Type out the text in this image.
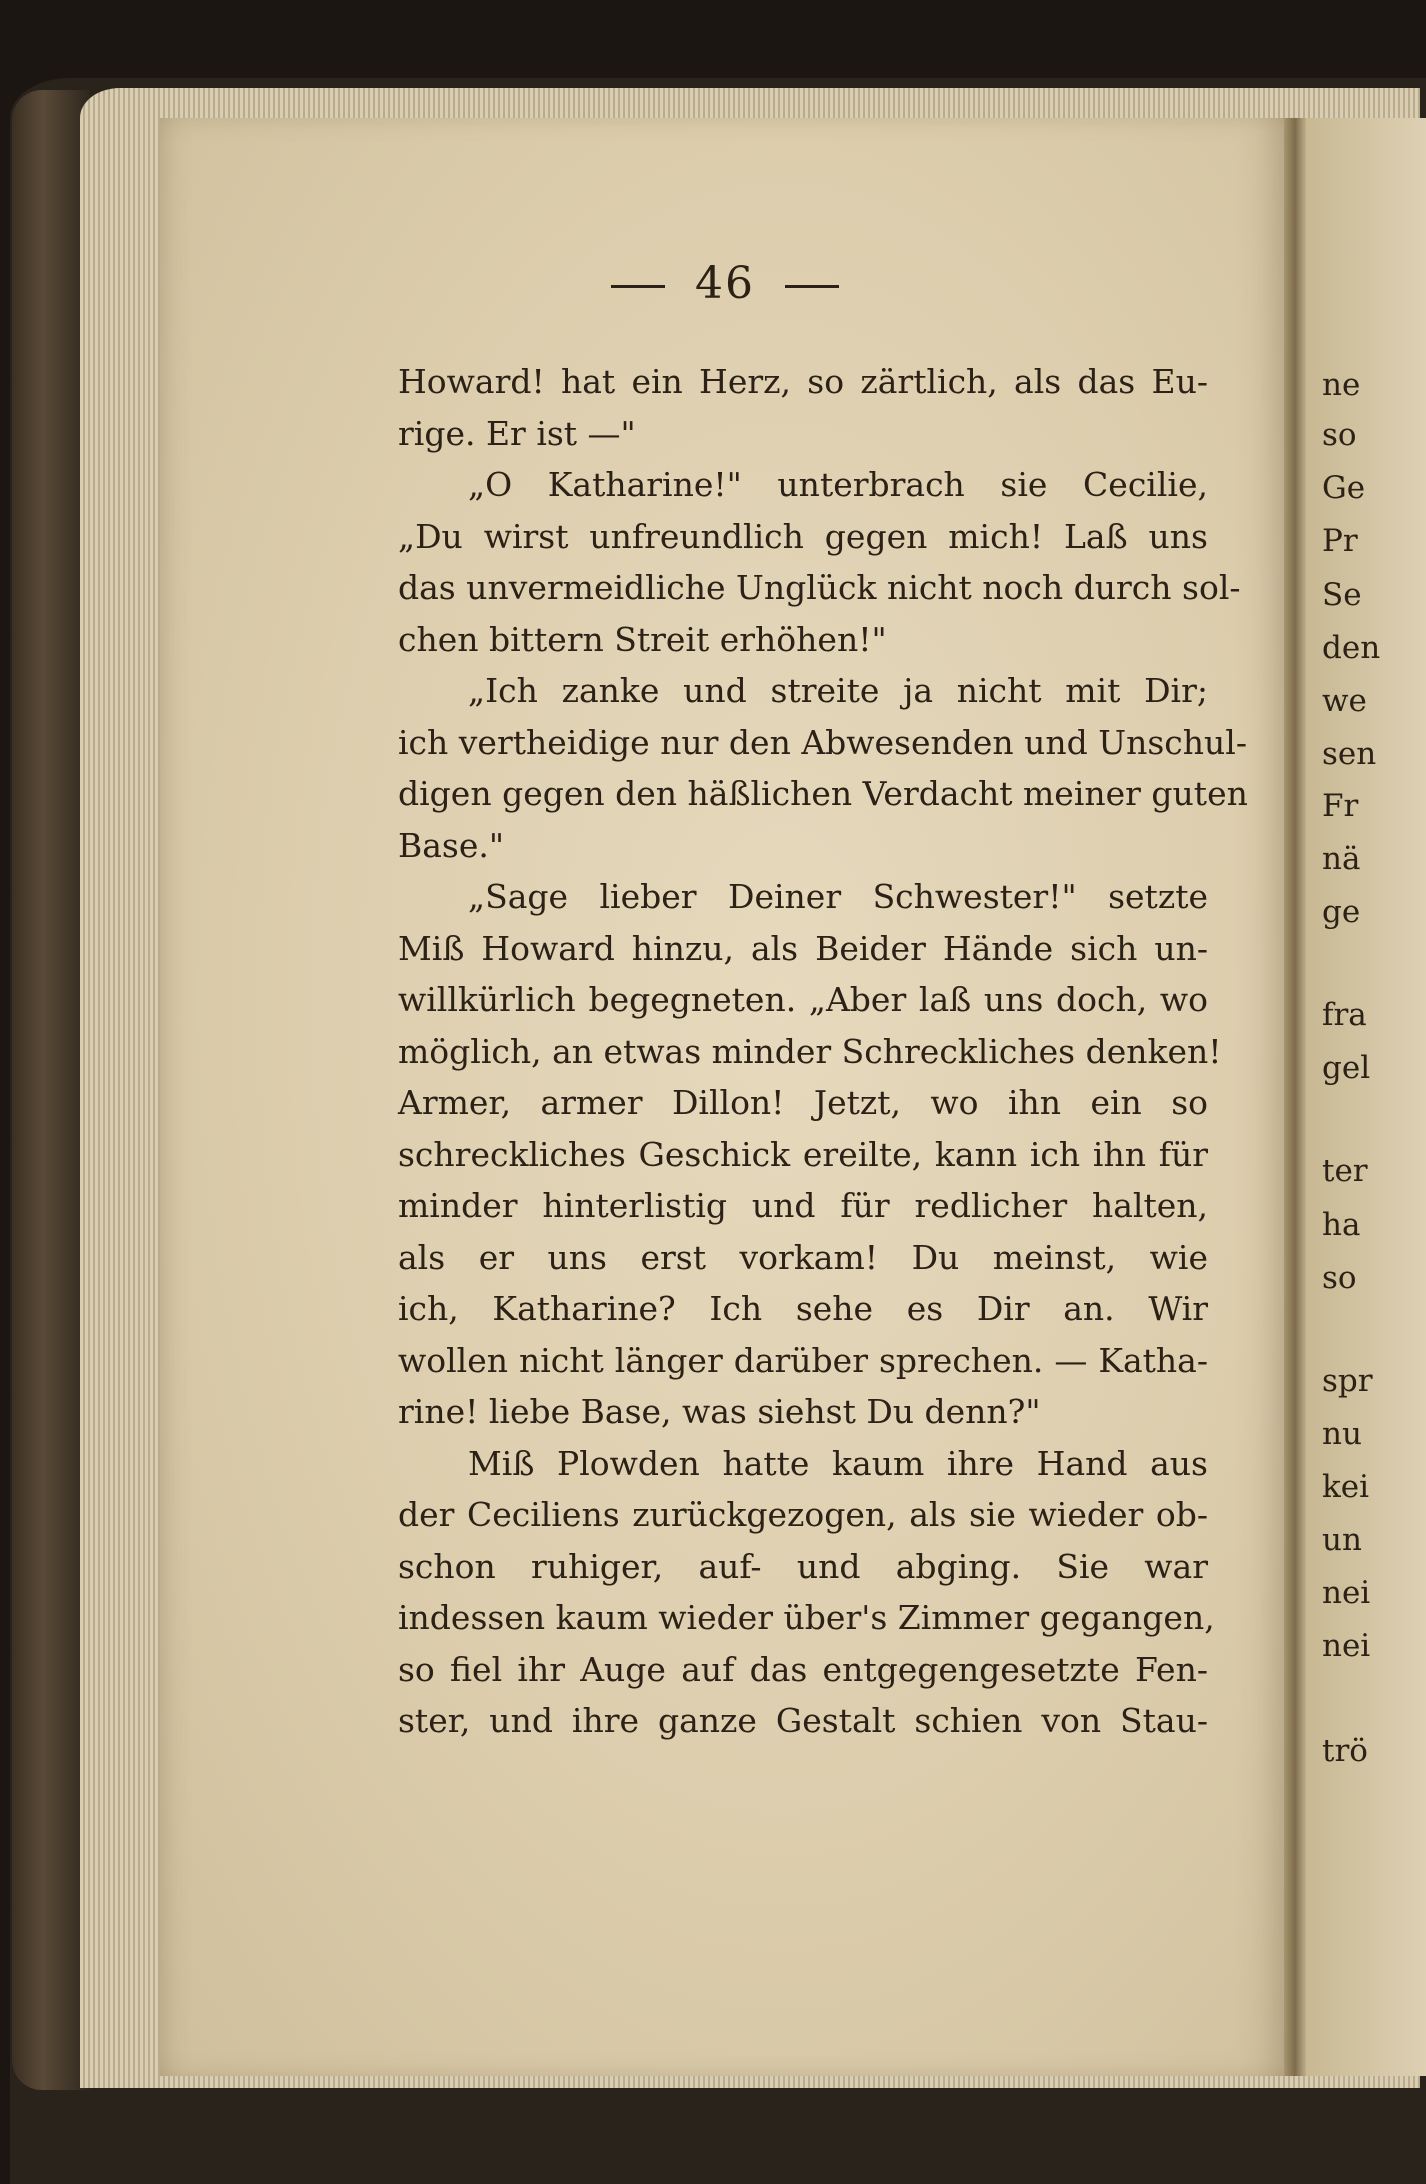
ne
so
Ge
Pr
Se
den
we
sen
Fr
nä
ge
fra
gel
ter
ha
so
spr
nu
kei
un
nei
nei
trö
46
Howard! hat ein Herz, so zärtlich, als das Eu-
rige. Er ist —"
„O Katharine!" unterbrach sie Cecilie,
„Du wirst unfreundlich gegen mich! Laß uns
das unvermeidliche Unglück nicht noch durch sol-
chen bittern Streit erhöhen!"
„Ich zanke und streite ja nicht mit Dir;
ich vertheidige nur den Abwesenden und Unschul-
digen gegen den häßlichen Verdacht meiner guten
Base."
„Sage lieber Deiner Schwester!" setzte
Miß Howard hinzu, als Beider Hände sich un-
willkürlich begegneten. „Aber laß uns doch, wo
möglich, an etwas minder Schreckliches denken!
Armer, armer Dillon! Jetzt, wo ihn ein so
schreckliches Geschick ereilte, kann ich ihn für
minder hinterlistig und für redlicher halten,
als er uns erst vorkam! Du meinst, wie
ich, Katharine? Ich sehe es Dir an. Wir
wollen nicht länger darüber sprechen. — Katha-
rine! liebe Base, was siehst Du denn?"
Miß Plowden hatte kaum ihre Hand aus
der Ceciliens zurückgezogen, als sie wieder ob-
schon ruhiger, auf- und abging. Sie war
indessen kaum wieder über's Zimmer gegangen,
so fiel ihr Auge auf das entgegengesetzte Fen-
ster, und ihre ganze Gestalt schien von Stau-
